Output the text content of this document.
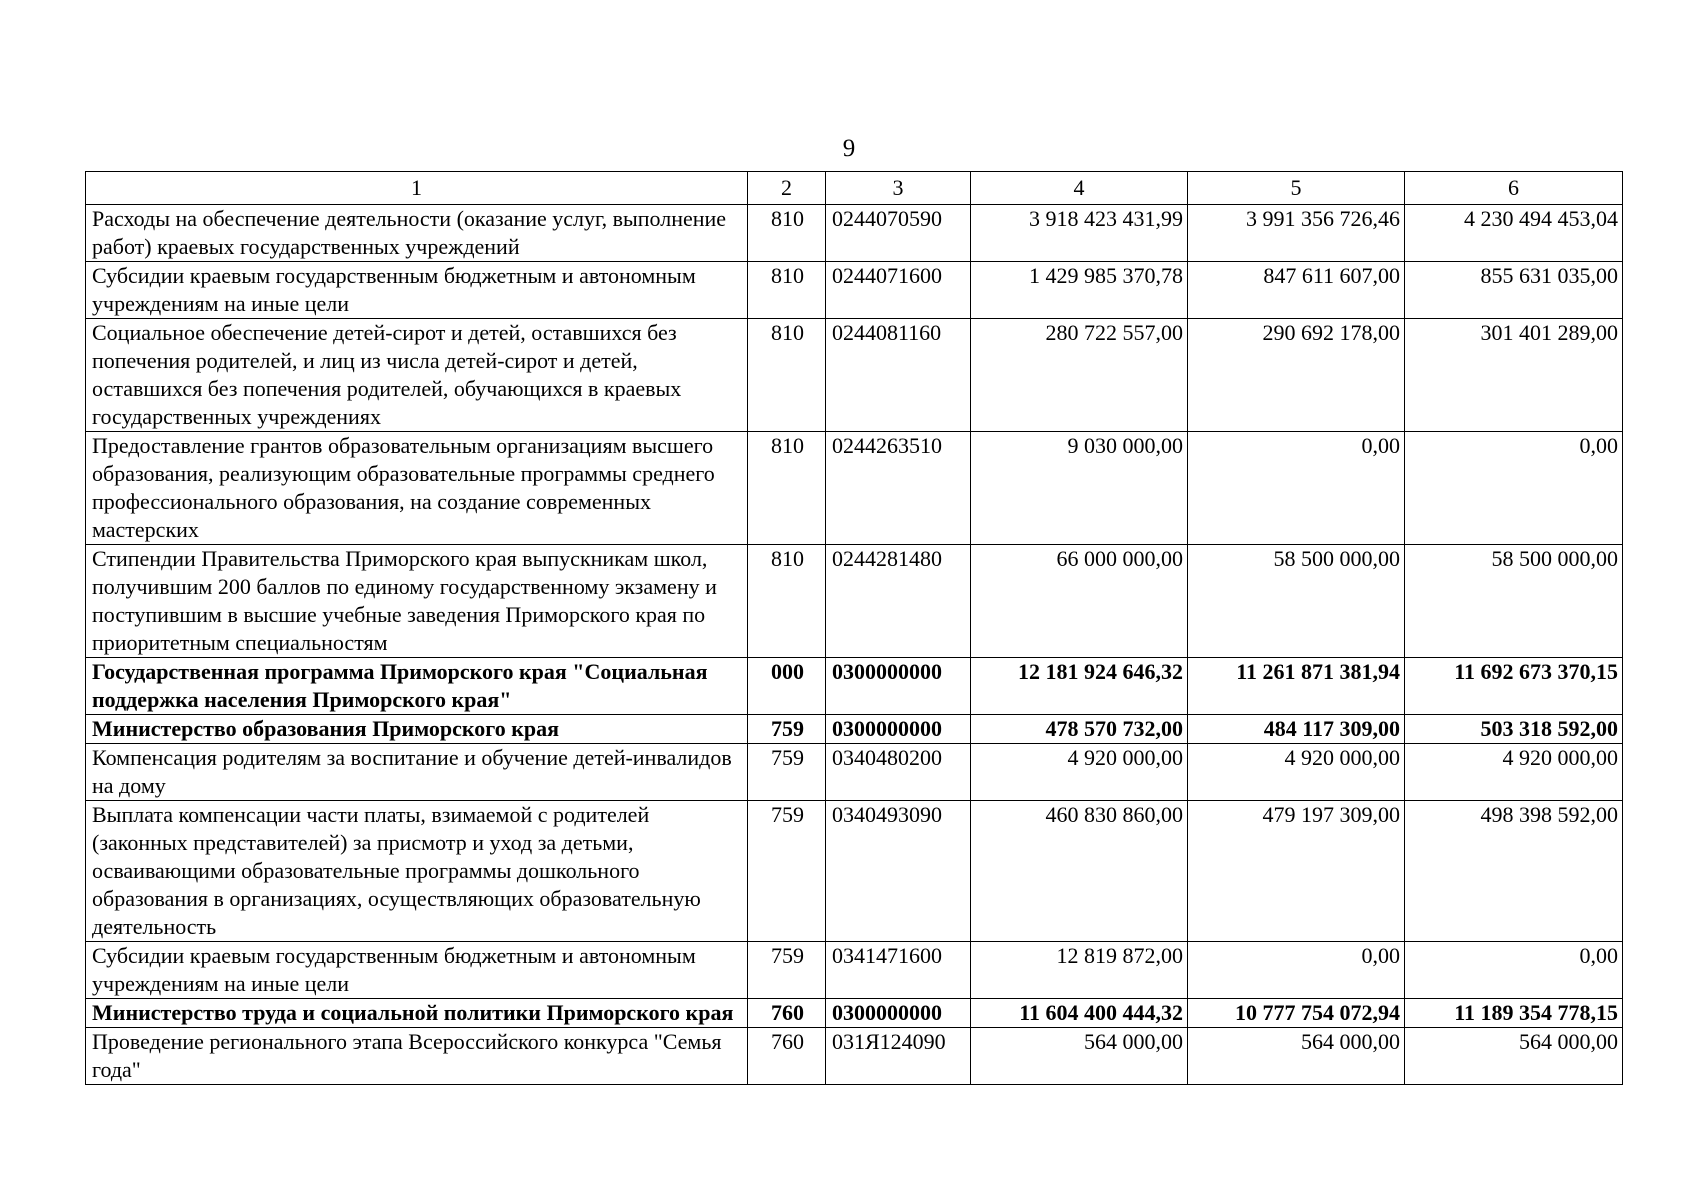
9
1	2	3	4	5	6
Расходы на обеспечение деятельности (оказание услуг, выполнение работ) краевых государственных учреждений	810	0244070590	3 918 423 431,99	3 991 356 726,46	4 230 494 453,04
Субсидии краевым государственным бюджетным и автономным учреждениям на иные цели	810	0244071600	1 429 985 370,78	847 611 607,00	855 631 035,00
Социальное обеспечение детей-сирот и детей, оставшихся без попечения родителей, и лиц из числа детей-сирот и детей, оставшихся без попечения родителей, обучающихся в краевых государственных учреждениях	810	0244081160	280 722 557,00	290 692 178,00	301 401 289,00
Предоставление грантов образовательным организациям высшего образования, реализующим образовательные программы среднего профессионального образования, на создание современных мастерских	810	0244263510	9 030 000,00	0,00	0,00
Стипендии Правительства Приморского края выпускникам школ, получившим 200 баллов по единому государственному экзамену и поступившим в высшие учебные заведения Приморского края по приоритетным специальностям	810	0244281480	66 000 000,00	58 500 000,00	58 500 000,00
Государственная программа Приморского края "Социальная поддержка населения Приморского края"	000	0300000000	12 181 924 646,32	11 261 871 381,94	11 692 673 370,15
Министерство образования Приморского края	759	0300000000	478 570 732,00	484 117 309,00	503 318 592,00
Компенсация родителям за воспитание и обучение детей-инвалидов на дому	759	0340480200	4 920 000,00	4 920 000,00	4 920 000,00
Выплата компенсации части платы, взимаемой с родителей (законных представителей) за присмотр и уход за детьми, осваивающими образовательные программы дошкольного образования в организациях, осуществляющих образовательную деятельность	759	0340493090	460 830 860,00	479 197 309,00	498 398 592,00
Субсидии краевым государственным бюджетным и автономным учреждениям на иные цели	759	0341471600	12 819 872,00	0,00	0,00
Министерство труда и социальной политики Приморского края	760	0300000000	11 604 400 444,32	10 777 754 072,94	11 189 354 778,15
Проведение регионального этапа Всероссийского конкурса "Семья года"	760	031Я124090	564 000,00	564 000,00	564 000,00
